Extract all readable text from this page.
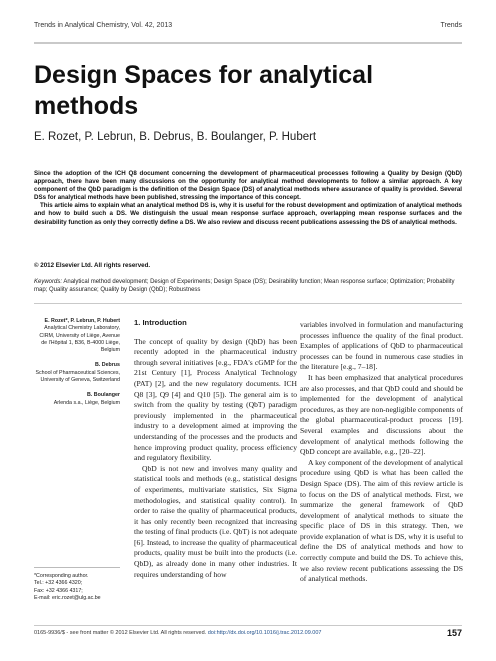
Trends in Analytical Chemistry, Vol. 42, 2013	Trends
Design Spaces for analytical
methods
E. Rozet, P. Lebrun, B. Debrus, B. Boulanger, P. Hubert

Since the adoption of the ICH Q8 document concerning the development of pharmaceutical processes following a Quality by Design (QbD) approach, there have been many discussions on the opportunity for analytical method developments to follow a similar approach. A key component of the QbD paradigm is the definition of the Design Space (DS) of analytical methods where assurance of quality is provided. Several DSs for analytical methods have been published, stressing the importance of this concept.

This article aims to explain what an analytical method DS is, why it is useful for the robust development and optimization of analytical methods and how to build such a DS. We distinguish the usual mean response surface approach, overlapping mean response surfaces and the desirability function as only they correctly define a DS. We also review and discuss recent publications assessing the DS of analytical methods.

© 2012 Elsevier Ltd. All rights reserved.
Keywords: Analytical method development; Design of Experiments; Design Space (DS); Desirability function; Mean response surface; Optimization; Probability map; Quality assurance; Quality by Design (QbD); Robustness
E. Rozet*, P. Lebrun, P. Hubert
Analytical Chemistry Laboratory, CIRM, University of Liège, Avenue de l'Hôpital 1, B36, B-4000 Liège, Belgium
B. Debrus
School of Pharmaceutical Sciences, University of Geneva, Switzerland
B. Boulanger
Arlenda s.a., Liège, Belgium
*Corresponding author.
Tel.: +32 4366 4320;
Fax: +32 4366 4317;
E-mail: eric.rozet@ulg.ac.be
1. Introduction

The concept of quality by design (QbD) has been recently adopted in the pharmaceutical industry through several initiatives [e.g., FDA's cGMP for the 21st Century [1], Process Analytical Technology (PAT) [2], and the new regulatory documents. ICH Q8 [3], Q9 [4] and Q10 [5]). The general aim is to switch from the quality by testing (QbT) paradigm previously implemented in the pharmaceutical industry to a development aimed at improving the understanding of the processes and the products and hence improving product quality, process efficiency and regulatory flexibility.

QbD is not new and involves many quality and statistical tools and methods (e.g., statistical designs of experiments, multivariate statistics, Six Sigma methodologies, and statistical quality control). In order to raise the quality of pharmaceutical products, it has only recently been recognized that increasing the testing of final products (i.e. QbT) is not adequate [6]. Instead, to increase the quality of pharmaceutical products, quality must be built into the products (i.e. QbD), as already done in many other industries. It requires understanding of how

variables involved in formulation and manufacturing processes influence the quality of the final product. Examples of applications of QbD to pharmaceutical processes can be found in numerous case studies in the literature [e.g., 7–18].

It has been emphasized that analytical procedures are also processes, and that QbD could and should be implemented for the development of analytical procedures, as they are non-negligible components of the global pharmaceutical-product process [19]. Several examples and discussions about the development of analytical methods following the QbD concept are available, e.g., [20–22].

A key component of the development of analytical procedure using QbD is what has been called the Design Space (DS). The aim of this review article is to focus on the DS of analytical methods. First, we summarize the general framework of QbD development of analytical methods to situate the specific place of DS in this strategy. Then, we provide explanation of what is DS, why it is useful to define the DS of analytical methods and how to correctly compute and build the DS. To achieve this, we also review recent publications assessing the DS of analytical methods.

0165-9936/$ - see front matter © 2012 Elsevier Ltd. All rights reserved. doi:http://dx.doi.org/10.1016/j.trac.2012.09.007	157
